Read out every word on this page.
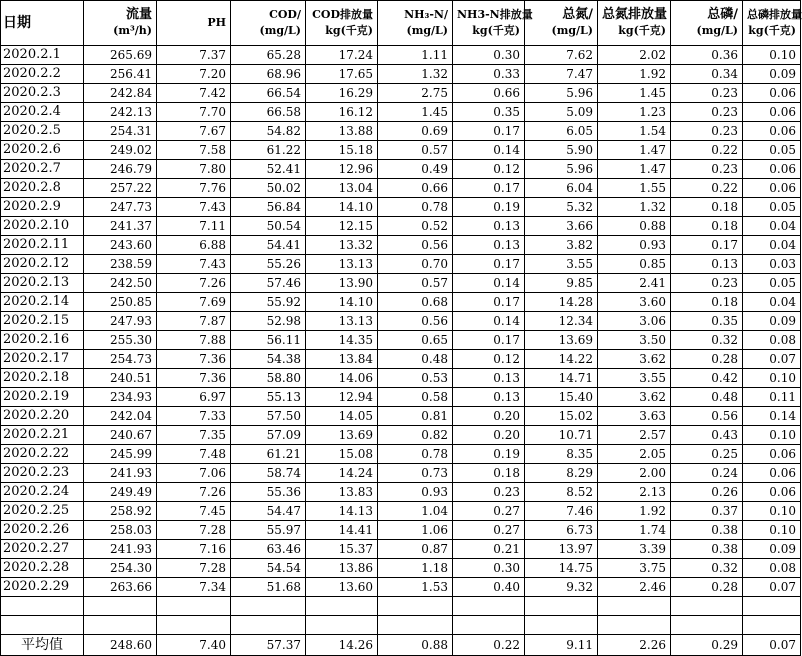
日期	流量	PH	COD/	COD排放量	NH₃-N/	NH3-N排放量	总氮/	总氮排放量	总磷/	总磷排放量
	(m³/h)		(mg/L)	kg(千克)	(mg/L)	kg(千克)	(mg/L)	kg(千克)	(mg/L)	kg(千克)
2020.2.1	265.69	7.37	65.28	17.24	1.11	0.30	7.62	2.02	0.36	0.10
2020.2.2	256.41	7.20	68.96	17.65	1.32	0.33	7.47	1.92	0.34	0.09
2020.2.3	242.84	7.42	66.54	16.29	2.75	0.66	5.96	1.45	0.23	0.06
2020.2.4	242.13	7.70	66.58	16.12	1.45	0.35	5.09	1.23	0.23	0.06
2020.2.5	254.31	7.67	54.82	13.88	0.69	0.17	6.05	1.54	0.23	0.06
2020.2.6	249.02	7.58	61.22	15.18	0.57	0.14	5.90	1.47	0.22	0.05
2020.2.7	246.79	7.80	52.41	12.96	0.49	0.12	5.96	1.47	0.23	0.06
2020.2.8	257.22	7.76	50.02	13.04	0.66	0.17	6.04	1.55	0.22	0.06
2020.2.9	247.73	7.43	56.84	14.10	0.78	0.19	5.32	1.32	0.18	0.05
2020.2.10	241.37	7.11	50.54	12.15	0.52	0.13	3.66	0.88	0.18	0.04
2020.2.11	243.60	6.88	54.41	13.32	0.56	0.13	3.82	0.93	0.17	0.04
2020.2.12	238.59	7.43	55.26	13.13	0.70	0.17	3.55	0.85	0.13	0.03
2020.2.13	242.50	7.26	57.46	13.90	0.57	0.14	9.85	2.41	0.23	0.05
2020.2.14	250.85	7.69	55.92	14.10	0.68	0.17	14.28	3.60	0.18	0.04
2020.2.15	247.93	7.87	52.98	13.13	0.56	0.14	12.34	3.06	0.35	0.09
2020.2.16	255.30	7.88	56.11	14.35	0.65	0.17	13.69	3.50	0.32	0.08
2020.2.17	254.73	7.36	54.38	13.84	0.48	0.12	14.22	3.62	0.28	0.07
2020.2.18	240.51	7.36	58.80	14.06	0.53	0.13	14.71	3.55	0.42	0.10
2020.2.19	234.93	6.97	55.13	12.94	0.58	0.13	15.40	3.62	0.48	0.11
2020.2.20	242.04	7.33	57.50	14.05	0.81	0.20	15.02	3.63	0.56	0.14
2020.2.21	240.67	7.35	57.09	13.69	0.82	0.20	10.71	2.57	0.43	0.10
2020.2.22	245.99	7.48	61.21	15.08	0.78	0.19	8.35	2.05	0.25	0.06
2020.2.23	241.93	7.06	58.74	14.24	0.73	0.18	8.29	2.00	0.24	0.06
2020.2.24	249.49	7.26	55.36	13.83	0.93	0.23	8.52	2.13	0.26	0.06
2020.2.25	258.92	7.45	54.47	14.13	1.04	0.27	7.46	1.92	0.37	0.10
2020.2.26	258.03	7.28	55.97	14.41	1.06	0.27	6.73	1.74	0.38	0.10
2020.2.27	241.93	7.16	63.46	15.37	0.87	0.21	13.97	3.39	0.38	0.09
2020.2.28	254.30	7.28	54.54	13.86	1.18	0.30	14.75	3.75	0.32	0.08
2020.2.29	263.66	7.34	51.68	13.60	1.53	0.40	9.32	2.46	0.28	0.07

平均值	248.60	7.40	57.37	14.26	0.88	0.22	9.11	2.26	0.29	0.07
